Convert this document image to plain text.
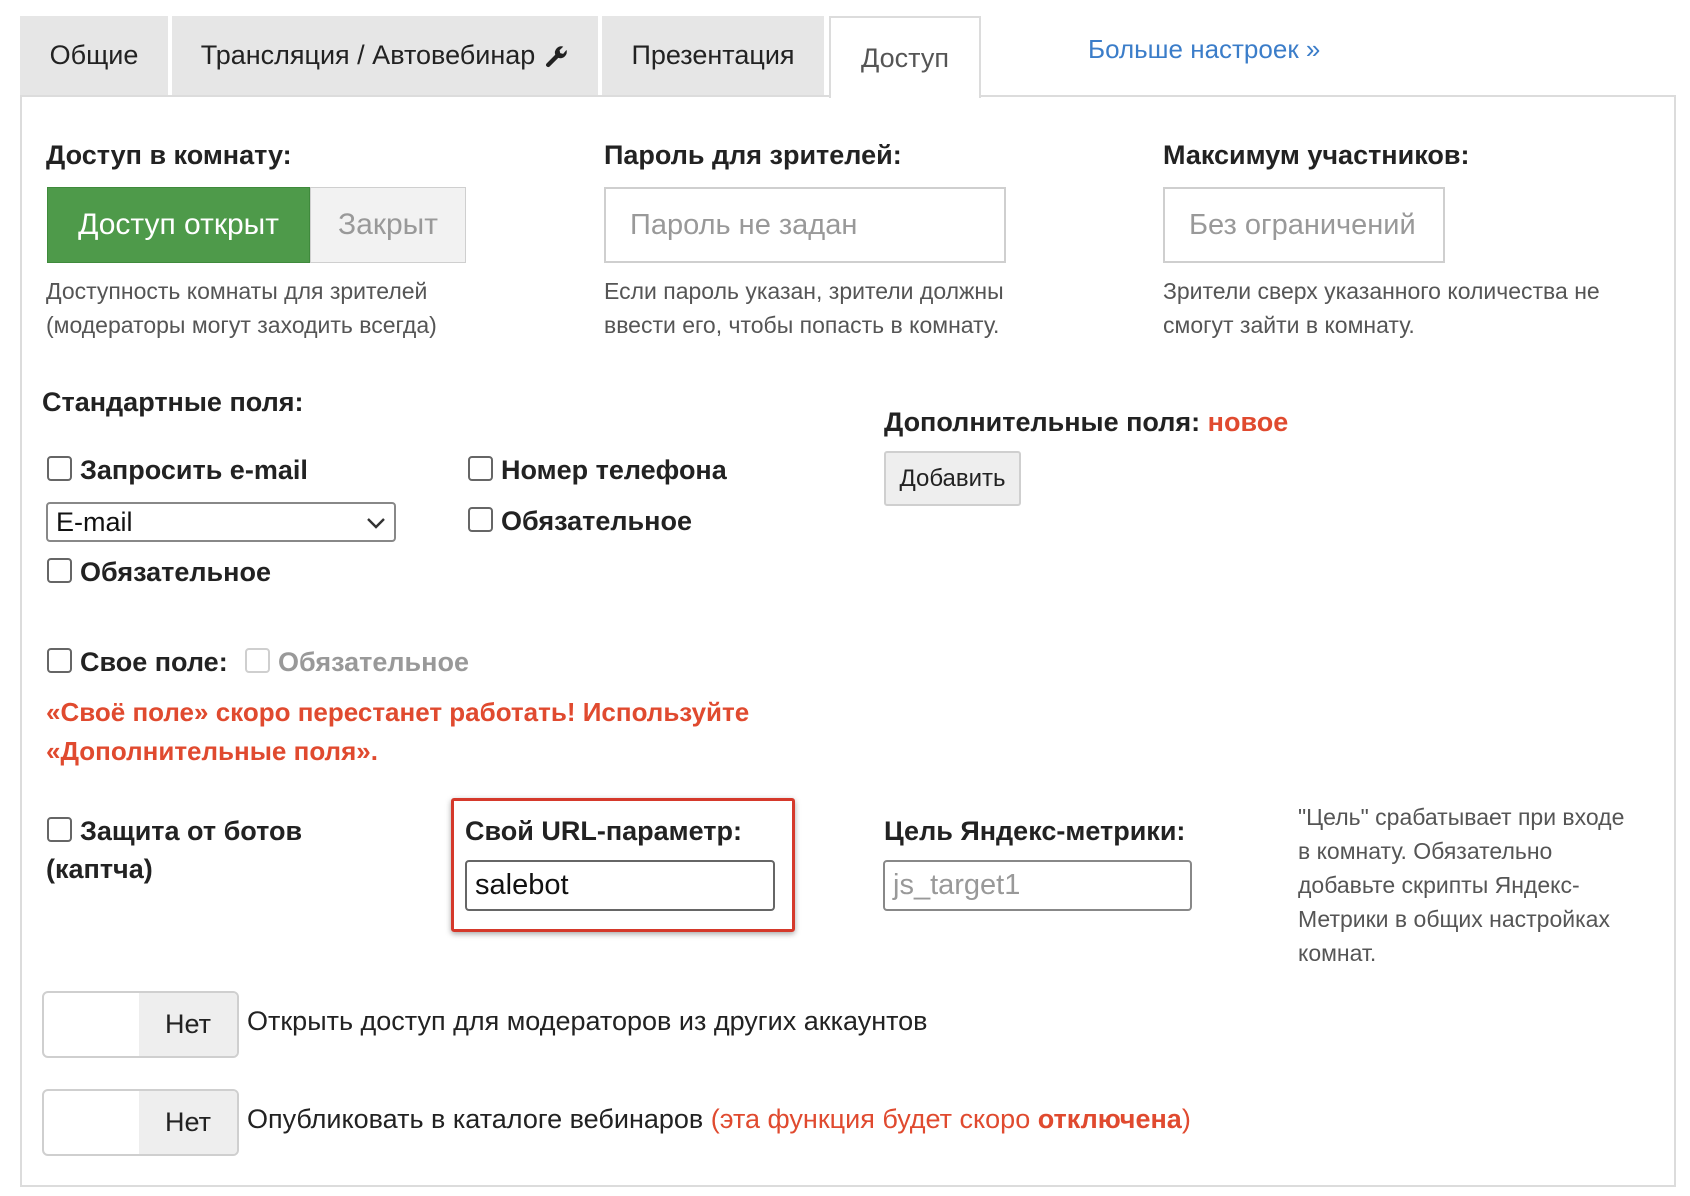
Общие Трансляция / Автовебинар	Презентация Доступ	Больше настроек »
Доступ в комнату:
Доступ открыт Закрыт
Доступность комнаты для зрителей
(модераторы могут заходить всегда)
Пароль для зрителей:
Пароль не задан
Если пароль указан, зрители должны
ввести его, чтобы попасть в комнату.
Максимум участников:
Без ограничений
Зрители сверх указанного количества не
смогут зайти в комнату.
Стандартные поля:
Запросить e-mail
E-mail
Обязательное
Номер телефона
Обязательное
Дополнительные поля: новое
Добавить
Свое поле: Обязательное
«Своё поле» скоро перестанет работать! Используйте
«Дополнительные поля».
Защита от ботов
(каптча)
Свой URL-параметр:
salebot
Цель Яндекс-метрики:
js_target1
"Цель" срабатывает при входе
в комнату. Обязательно
добавьте скрипты Яндекс-
Метрики в общих настройках
комнат.
Нет	Открыть доступ для модераторов из других аккаунтов
Нет	Опубликовать в каталоге вебинаров (эта функция будет скоро отключена)
